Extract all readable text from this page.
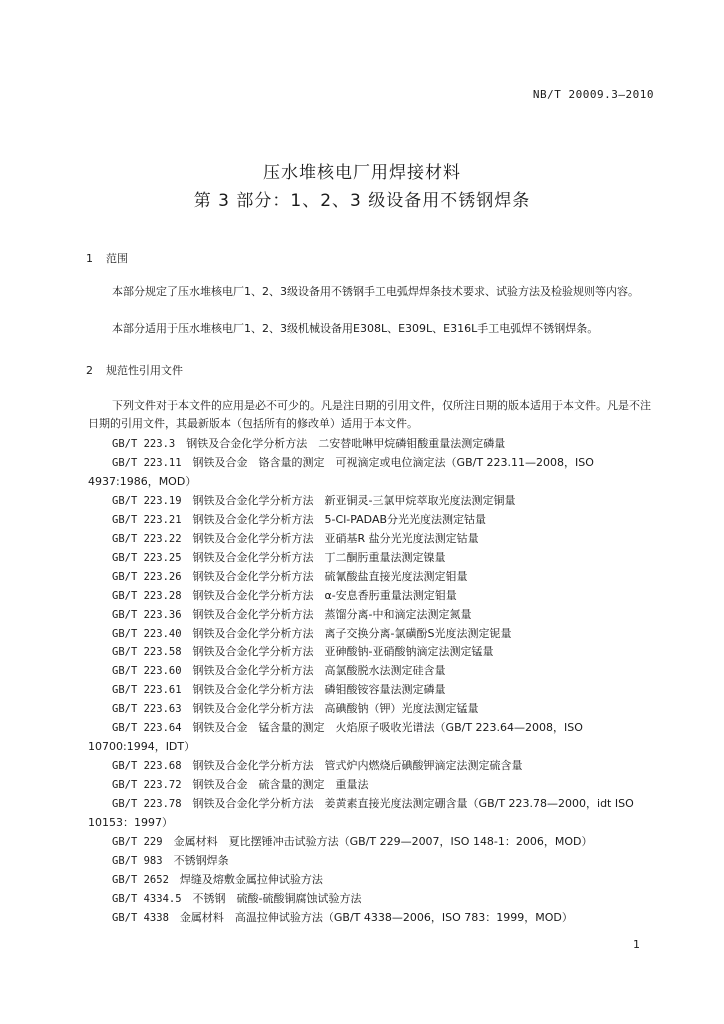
NB/T 20009.3—2010
压水堆核电厂用焊接材料
第 3 部分：1、2、3 级设备用不锈钢焊条
1 范围
本部分规定了压水堆核电厂1、2、3级设备用不锈钢手工电弧焊焊条技术要求、试验方法及检验规则等内容。
本部分适用于压水堆核电厂1、2、3级机械设备用E308L、E309L、E316L手工电弧焊不锈钢焊条。
2 规范性引用文件
下列文件对于本文件的应用是必不可少的。凡是注日期的引用文件，仅所注日期的版本适用于本文件。凡是不注日期的引用文件，其最新版本（包括所有的修改单）适用于本文件。
GB/T 223.3　 钢铁及合金化学分析方法　二安替吡啉甲烷磷钼酸重量法测定磷量
GB/T 223.11　 钢铁及合金　铬含量的测定　可视滴定或电位滴定法（GB/T 223.11—2008，ISO 4937:1986，MOD）
GB/T 223.19　 钢铁及合金化学分析方法　新亚铜灵-三氯甲烷萃取光度法测定铜量
GB/T 223.21　 钢铁及合金化学分析方法　5-Cl-PADAB分光光度法测定钴量
GB/T 223.22　 钢铁及合金化学分析方法　亚硝基R 盐分光光度法测定钴量
GB/T 223.25　 钢铁及合金化学分析方法　丁二酮肟重量法测定镍量
GB/T 223.26　 钢铁及合金化学分析方法　硫氰酸盐直接光度法测定钼量
GB/T 223.28　 钢铁及合金化学分析方法　α-安息香肟重量法测定钼量
GB/T 223.36　 钢铁及合金化学分析方法　蒸馏分离-中和滴定法测定氮量
GB/T 223.40　 钢铁及合金化学分析方法　离子交换分离-氯磺酚S光度法测定铌量
GB/T 223.58　 钢铁及合金化学分析方法　亚砷酸钠-亚硝酸钠滴定法测定锰量
GB/T 223.60　 钢铁及合金化学分析方法　高氯酸脱水法测定硅含量
GB/T 223.61　 钢铁及合金化学分析方法　磷钼酸铵容量法测定磷量
GB/T 223.63　 钢铁及合金化学分析方法　高碘酸钠（钾）光度法测定锰量
GB/T 223.64　 钢铁及合金　锰含量的测定　火焰原子吸收光谱法（GB/T 223.64—2008，ISO 10700:1994，IDT）
GB/T 223.68　 钢铁及合金化学分析方法　管式炉内燃烧后碘酸钾滴定法测定硫含量
GB/T 223.72　 钢铁及合金　硫含量的测定　重量法
GB/T 223.78　 钢铁及合金化学分析方法　姜黄素直接光度法测定硼含量（GB/T 223.78—2000，idt ISO 10153：1997）
GB/T 229　 金属材料　夏比摆锤冲击试验方法（GB/T 229—2007，ISO 148-1：2006，MOD）
GB/T 983　 不锈钢焊条
GB/T 2652　 焊缝及熔敷金属拉伸试验方法
GB/T 4334.5　 不锈钢　硫酸-硫酸铜腐蚀试验方法
GB/T 4338　 金属材料　高温拉伸试验方法（GB/T 4338—2006，ISO 783：1999，MOD）
1
